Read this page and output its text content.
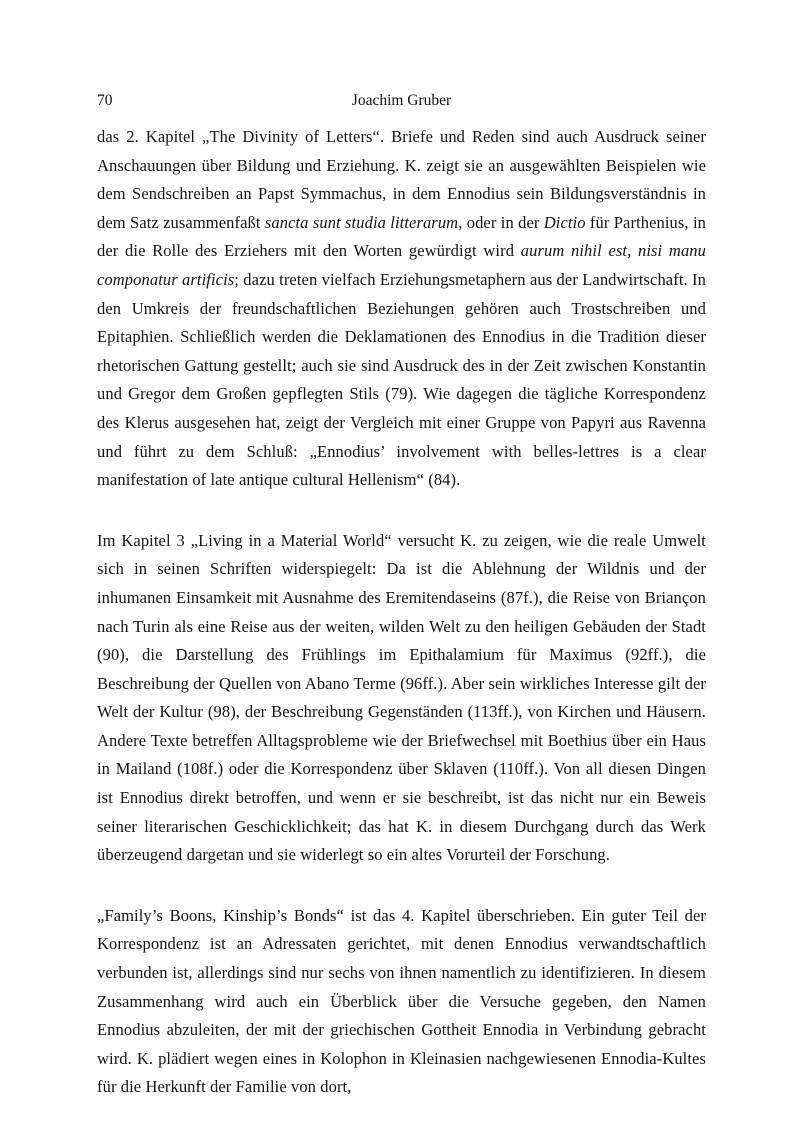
70	Joachim Gruber

das 2. Kapitel „The Divinity of Letters“. Briefe und Reden sind auch Ausdruck seiner Anschauungen über Bildung und Erziehung. K. zeigt sie an ausgewählten Beispielen wie dem Sendschreiben an Papst Symmachus, in dem Ennodius sein Bildungsverständnis in dem Satz zusammenfaßt sancta sunt studia litterarum, oder in der Dictio für Parthenius, in der die Rolle des Erziehers mit den Worten gewürdigt wird aurum nihil est, nisi manu componatur artificis; dazu treten vielfach Erziehungsmetaphern aus der Landwirtschaft. In den Umkreis der freundschaftlichen Beziehungen gehören auch Trostschreiben und Epitaphien. Schließlich werden die Deklamationen des Ennodius in die Tradition dieser rhetorischen Gattung gestellt; auch sie sind Ausdruck des in der Zeit zwischen Konstantin und Gregor dem Großen gepflegten Stils (79). Wie dagegen die tägliche Korrespondenz des Klerus ausgesehen hat, zeigt der Vergleich mit einer Gruppe von Papyri aus Ravenna und führt zu dem Schluß: „Ennodius’ involvement with belles-lettres is a clear manifestation of late antique cultural Hellenism“ (84).

Im Kapitel 3 „Living in a Material World“ versucht K. zu zeigen, wie die reale Umwelt sich in seinen Schriften widerspiegelt: Da ist die Ablehnung der Wildnis und der inhumanen Einsamkeit mit Ausnahme des Eremitendaseins (87f.), die Reise von Briançon nach Turin als eine Reise aus der weiten, wilden Welt zu den heiligen Gebäuden der Stadt (90), die Darstellung des Frühlings im Epithalamium für Maximus (92ff.), die Beschreibung der Quellen von Abano Terme (96ff.). Aber sein wirkliches Interesse gilt der Welt der Kultur (98), der Beschreibung Gegenständen (113ff.), von Kirchen und Häusern. Andere Texte betreffen Alltagsprobleme wie der Briefwechsel mit Boethius über ein Haus in Mailand (108f.) oder die Korrespondenz über Sklaven (110ff.). Von all diesen Dingen ist Ennodius direkt betroffen, und wenn er sie beschreibt, ist das nicht nur ein Beweis seiner literarischen Geschicklichkeit; das hat K. in diesem Durchgang durch das Werk überzeugend dargetan und sie widerlegt so ein altes Vorurteil der Forschung.

„Family’s Boons, Kinship’s Bonds“ ist das 4. Kapitel überschrieben. Ein guter Teil der Korrespondenz ist an Adressaten gerichtet, mit denen Ennodius verwandtschaftlich verbunden ist, allerdings sind nur sechs von ihnen namentlich zu identifizieren. In diesem Zusammenhang wird auch ein Überblick über die Versuche gegeben, den Namen Ennodius abzuleiten, der mit der griechischen Gottheit Ennodia in Verbindung gebracht wird. K. plädiert wegen eines in Kolophon in Kleinasien nachgewiesenen Ennodia-Kultes für die Herkunft der Familie von dort,
